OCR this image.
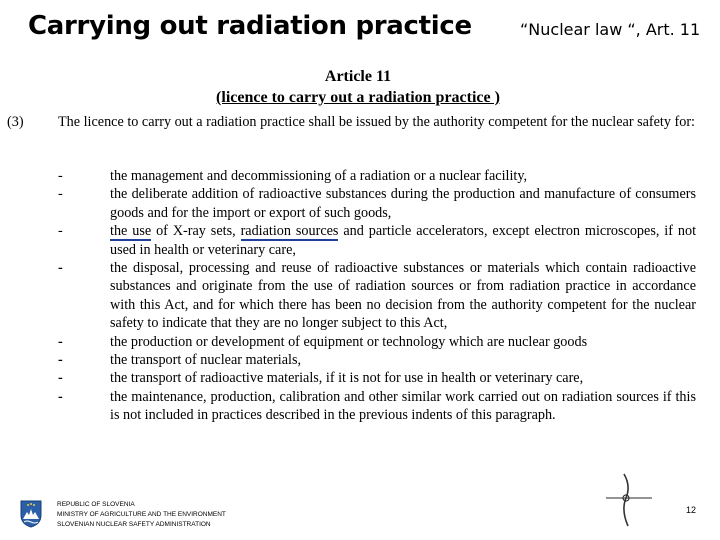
Carrying out radiation practice	“Nuclear law “, Art. 11
Article 11
(licence to carry out a radiation practice )
(3) The licence to carry out a radiation practice shall be issued by the authority competent for the nuclear safety for:
-	the management and decommissioning of a radiation or a nuclear facility,
-	the deliberate addition of radioactive substances during the production and manufacture of consumers goods and for the import or export of such goods,
-	the use of X-ray sets, radiation sources and particle accelerators, except electron microscopes, if not used in health or veterinary care,
-	the disposal, processing and reuse of radioactive substances or materials which contain radioactive substances and originate from the use of radiation sources or from radiation practice in accordance with this Act, and for which there has been no decision from the authority competent for the nuclear safety to indicate that they are no longer subject to this Act,
-	the production or development of equipment or technology which are nuclear goods
-	the transport of nuclear materials,
-	the transport of radioactive materials, if it is not for use in health or veterinary care,
-	the maintenance, production, calibration and other similar work carried out on radiation sources if this is not included in practices described in the previous indents of this paragraph.
REPUBLIC OF SLOVENIA
MINISTRY OF AGRICULTURE AND THE ENVIRONMENT
SLOVENIAN NUCLEAR SAFETY ADMINISTRATION
12
